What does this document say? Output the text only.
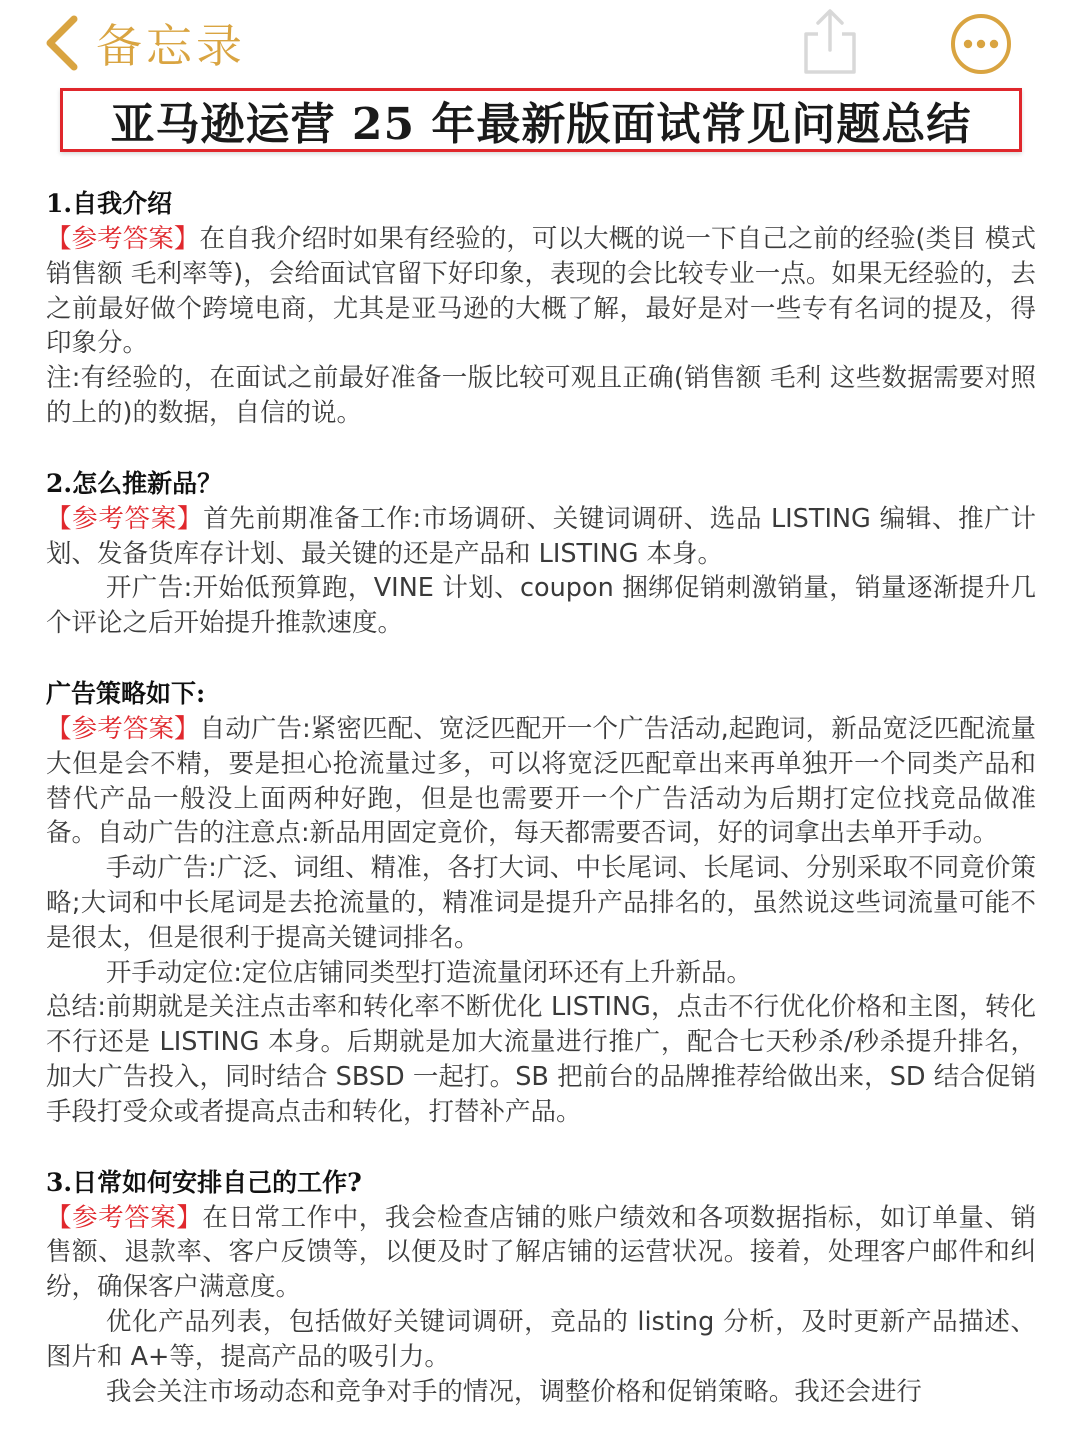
备忘录
亚马逊运营 25 年最新版面试常见问题总结
1.自我介绍

【参考答案】在自我介绍时如果有经验的，可以大概的说一下自己之前的经验(类目 模式 销售额 毛利率等)，会给面试官留下好印象，表现的会比较专业一点。如果无经验的，去之前最好做个跨境电商，尤其是亚马逊的大概了解，最好是对一些专有名词的提及，得印象分。

注:有经验的，在面试之前最好准备一版比较可观且正确(销售额 毛利 这些数据需要对照的上的)的数据，自信的说。

2.怎么推新品？

【参考答案】首先前期准备工作:市场调研、关键词调研、选品 LISTING 编辑、推广计划、发备货库存计划、最关键的还是产品和 LISTING 本身。

开广告:开始低预算跑，VINE 计划、coupon 捆绑促销刺激销量，销量逐渐提升几个评论之后开始提升推款速度。

广告策略如下:

【参考答案】自动广告:紧密匹配、宽泛匹配开一个广告活动,起跑词，新品宽泛匹配流量大但是会不精，要是担心抢流量过多，可以将宽泛匹配章出来再单独开一个同类产品和替代产品一般没上面两种好跑，但是也需要开一个广告活动为后期打定位找竞品做准备。自动广告的注意点:新品用固定竟价，每天都需要否词，好的词拿出去单开手动。

手动广告:广泛、词组、精准，各打大词、中长尾词、长尾词、分别采取不同竟价策略;大词和中长尾词是去抢流量的，精准词是提升产品排名的，虽然说这些词流量可能不是很太，但是很利于提高关键词排名。

开手动定位:定位店铺同类型打造流量闭环还有上升新品。

总结:前期就是关注点击率和转化率不断优化 LISTING，点击不行优化价格和主图，转化不行还是 LISTING 本身。后期就是加大流量进行推广，配合七天秒杀/秒杀提升排名，加大广告投入，同时结合 SBSD 一起打。SB 把前台的品牌推荐给做出来，SD 结合促销手段打受众或者提高点击和转化，打替补产品。

3.日常如何安排自己的工作?

【参考答案】在日常工作中，我会检查店铺的账户绩效和各项数据指标，如订单量、销售额、退款率、客户反馈等，以便及时了解店铺的运营状况。接着，处理客户邮件和纠纷，确保客户满意度。

优化产品列表，包括做好关键词调研，竞品的 listing 分析，及时更新产品描述、图片和 A+等，提高产品的吸引力。

我会关注市场动态和竞争对手的情况，调整价格和促销策略。我还会进行
